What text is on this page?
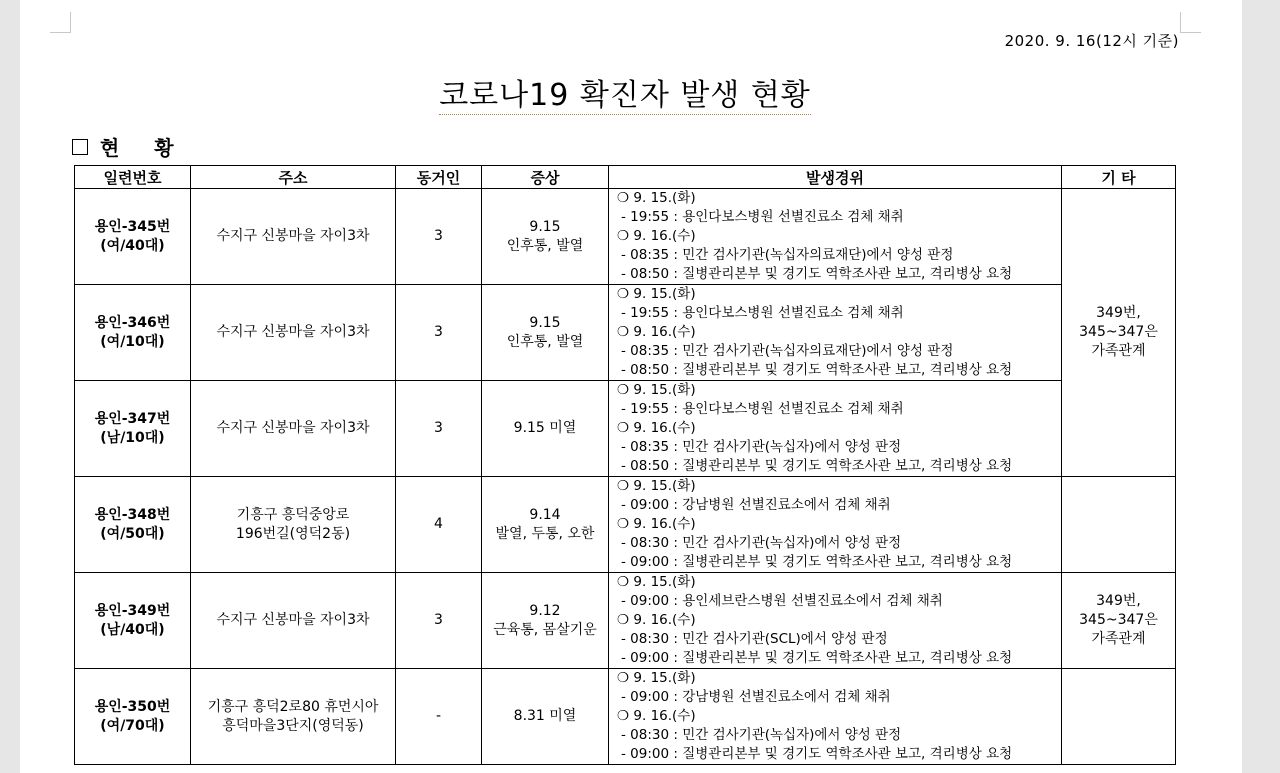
2020. 9. 16(12시 기준)
코로나19 확진자 발생 현황
현 황
일련번호	주소	동거인	증상	발생경위	기 타

용인-345번
(여/40대)	수지구 신봉마을 자이3차	3	9.15
인후통, 발열	❍ 9. 15.(화)
- 19:55 : 용인다보스병원 선별진료소 검체 채취
❍ 9. 16.(수)
- 08:35 : 민간 검사기관(녹십자의료재단)에서 양성 판정
- 08:50 : 질병관리본부 및 경기도 역학조사관 보고, 격리병상 요청	349번,
345~347은
가족관계

용인-346번
(여/10대)	수지구 신봉마을 자이3차	3	9.15
인후통, 발열	❍ 9. 15.(화)
- 19:55 : 용인다보스병원 선별진료소 검체 채취
❍ 9. 16.(수)
- 08:35 : 민간 검사기관(녹십자의료재단)에서 양성 판정
- 08:50 : 질병관리본부 및 경기도 역학조사관 보고, 격리병상 요청	

용인-347번
(남/10대)	수지구 신봉마을 자이3차	3	9.15 미열	❍ 9. 15.(화)
- 19:55 : 용인다보스병원 선별진료소 검체 채취
❍ 9. 16.(수)
- 08:35 : 민간 검사기관(녹십자)에서 양성 판정
- 08:50 : 질병관리본부 및 경기도 역학조사관 보고, 격리병상 요청	

용인-348번
(여/50대)	기흥구 흥덕중앙로
196번길(영덕2동)	4	9.14
발열, 두통, 오한	❍ 9. 15.(화)
- 09:00 : 강남병원 선별진료소에서 검체 채취
❍ 9. 16.(수)
- 08:30 : 민간 검사기관(녹십자)에서 양성 판정
- 09:00 : 질병관리본부 및 경기도 역학조사관 보고, 격리병상 요청	

용인-349번
(남/40대)	수지구 신봉마을 자이3차	3	9.12
근육통, 몸살기운	❍ 9. 15.(화)
- 09:00 : 용인세브란스병원 선별진료소에서 검체 채취
❍ 9. 16.(수)
- 08:30 : 민간 검사기관(SCL)에서 양성 판정
- 09:00 : 질병관리본부 및 경기도 역학조사관 보고, 격리병상 요청	349번,
345~347은
가족관계

용인-350번
(여/70대)	기흥구 흥덕2로80 휴먼시아
흥덕마을3단지(영덕동)	-	8.31 미열	❍ 9. 15.(화)
- 09:00 : 강남병원 선별진료소에서 검체 채취
❍ 9. 16.(수)
- 08:30 : 민간 검사기관(녹십자)에서 양성 판정
- 09:00 : 질병관리본부 및 경기도 역학조사관 보고, 격리병상 요청	
